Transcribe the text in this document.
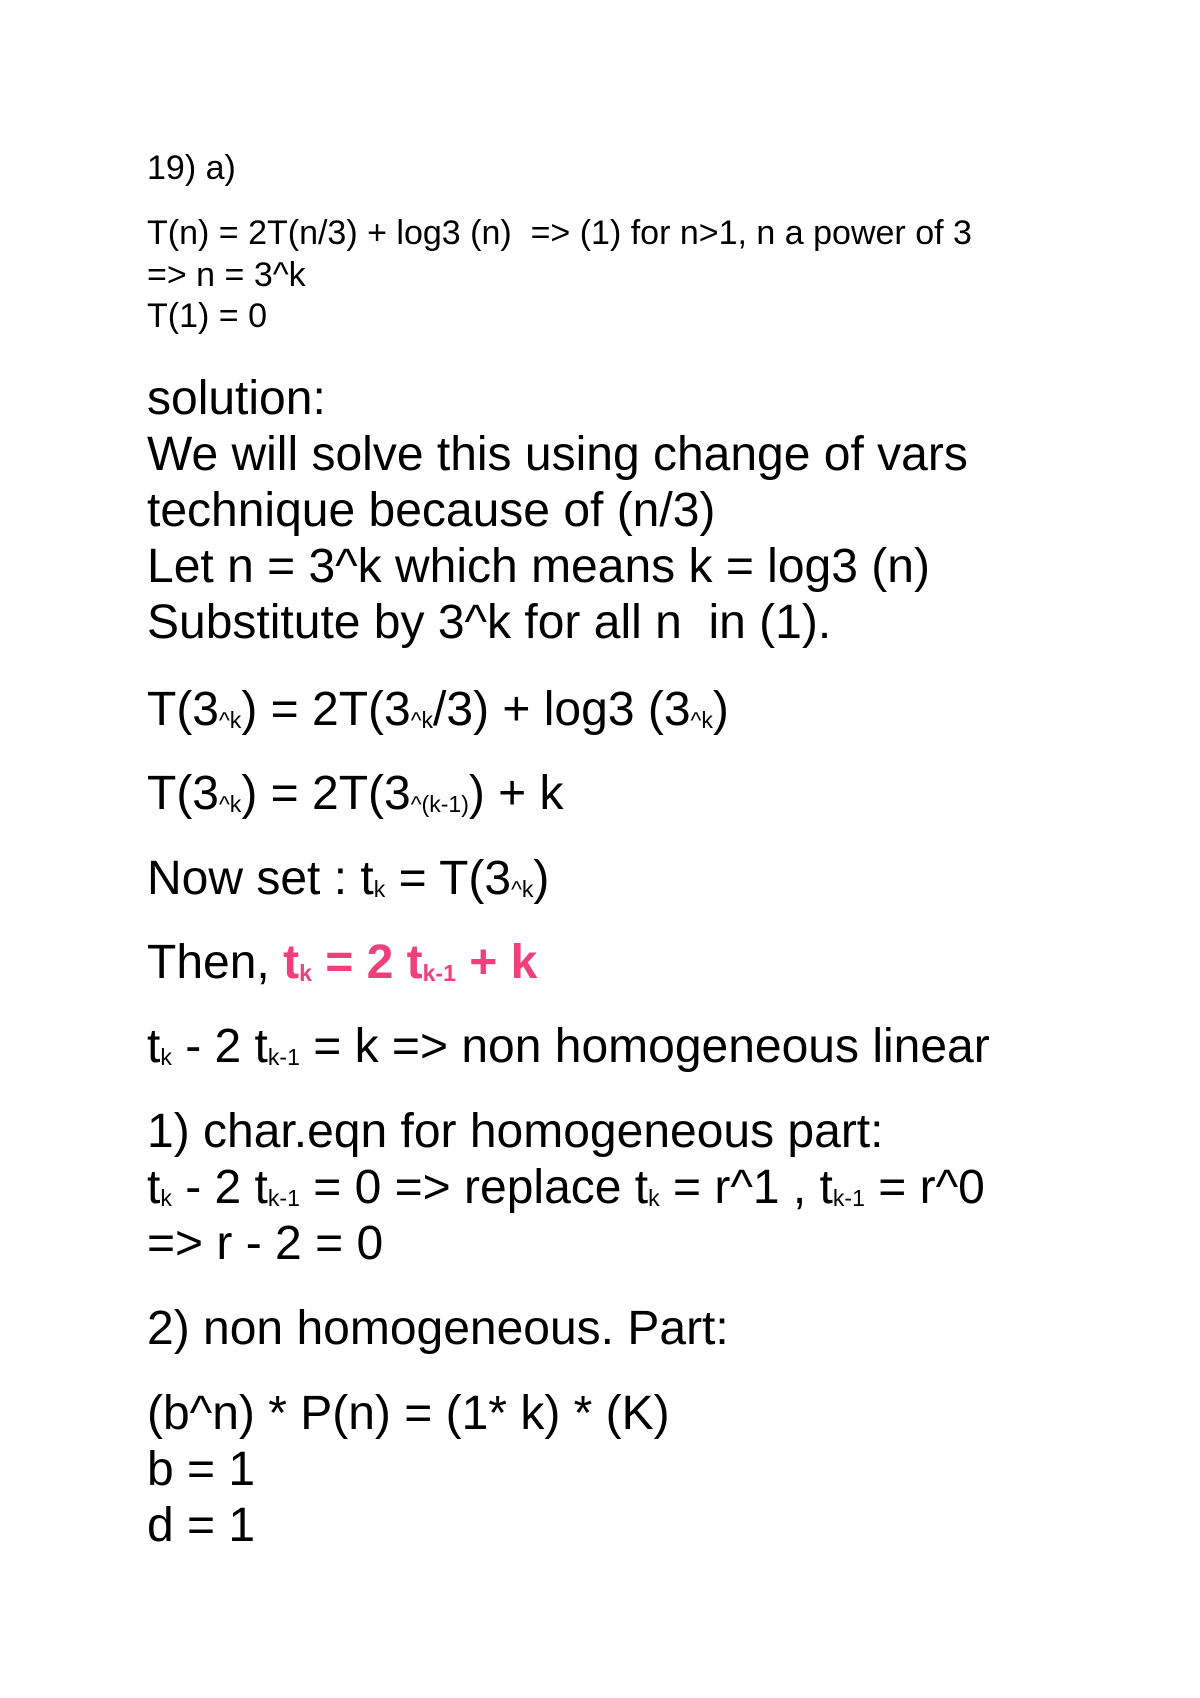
19) a)
T(n) = 2T(n/3) + log3 (n)  => (1) for n>1, n a power of 3
=> n = 3^k
T(1) = 0
solution:
We will solve this using change of vars
technique because of (n/3)
Let n = 3^k which means k = log3 (n)
Substitute by 3^k for all n  in (1).
$T(3^{\^{}k}) = 2T(3^{\^{}k}/3) + \log 3$ $(3^{\^{}k})$
$T(3^{\^{}k}) = 2T(3^{\^{}(k-1)}) + k$
Now set : $t_k = T(3^{\^{}k})$
Then, $t_k = 2$ $t_{k-1} + k$
$t_k - 2$ $t_{k-1} = k$ => non homogeneous linear
1) char.eqn for homogeneous part:
$t_k - 2$ $t_{k-1} = 0$ => replace $t_k$ = r^1 , $t_{k-1}$ = r^0
=> r - 2 = 0
2) non homogeneous. Part:
(b^n) * P(n) = (1* k) * (K)
b = 1
d = 1
